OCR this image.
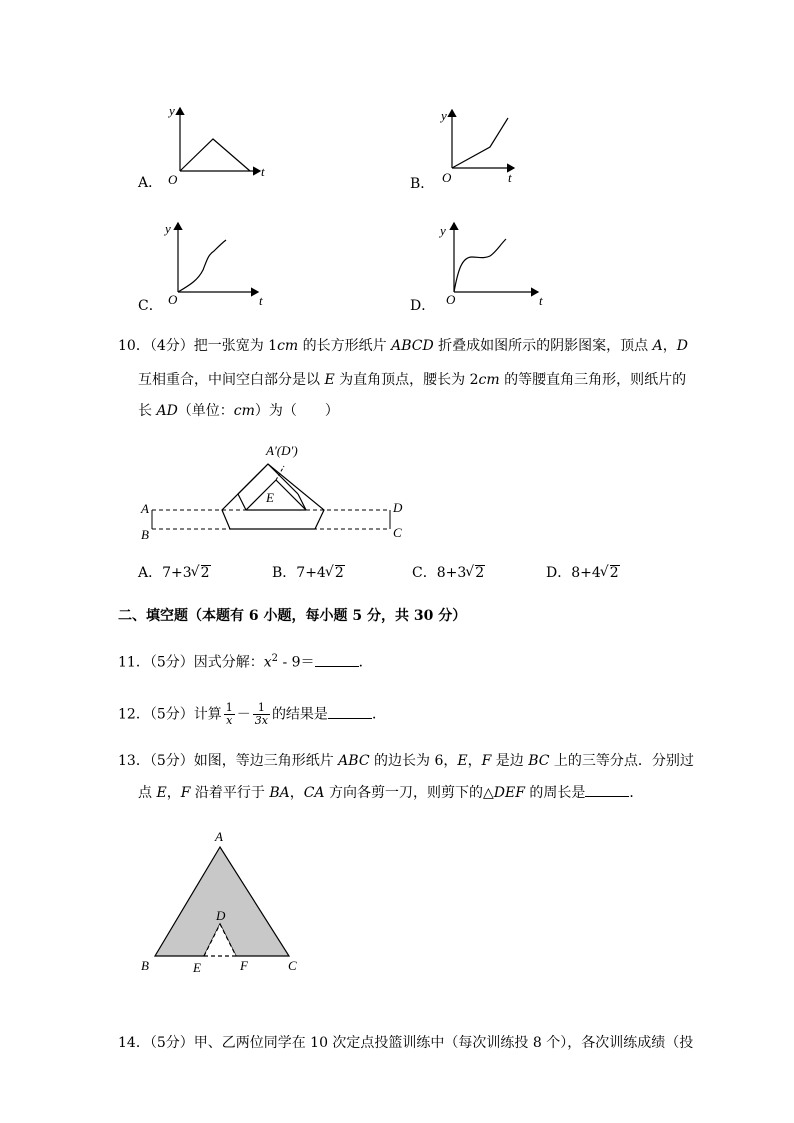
A．
y
t
O	B．
y
t
O
C．
y
t
O	D．
y
t
O
10．（4分）把一张宽为 1cm 的长方形纸片 ABCD 折叠成如图所示的阴影图案，顶点 A，D
互相重合，中间空白部分是以 E 为直角顶点，腰长为 2cm 的等腰直角三角形，则纸片的
长 AD（单位：cm）为（　　）
A′(D′)
E
A
B
D
C
A．7+3 √ 2	B．7+4 √ 2	C．8+3 √ 2	D．8+4 √ 2
二、填空题（本题有 6 小题，每小题 5 分，共 30 分）
11．（5分）因式分解：$x^2 - 9=$	．
12．（5分）计算 $\frac{1}{x} - \frac{1}{3x}$ 的结果是	．
13．（5分）如图，等边三角形纸片 ABC 的边长为 6，E，F 是边 BC 上的三等分点．分别过
点 E，F 沿着平行于 BA，CA 方向各剪一刀，则剪下的△DEF 的周长是	．
A
D
B	E	F	C
14．（5分）甲、乙两位同学在 10 次定点投篮训练中（每次训练投 8 个），各次训练成绩（投
